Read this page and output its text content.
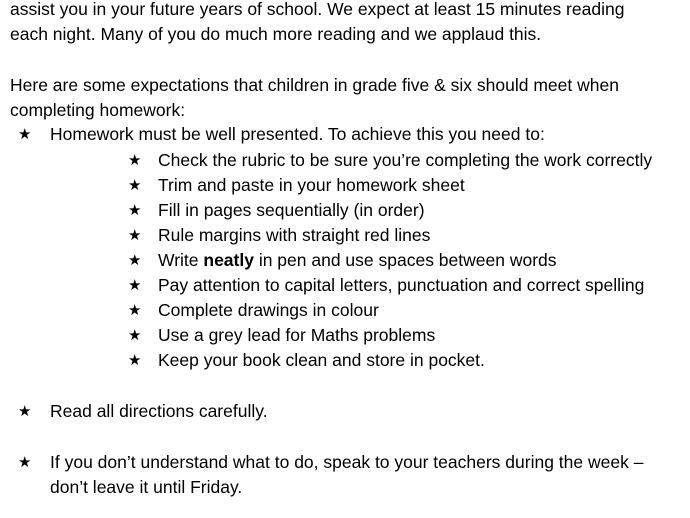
assist you in your future years of school. We expect at least 15 minutes reading
each night. Many of you do much more reading and we applaud this.
Here are some expectations that children in grade five & six should meet when
completing homework:
★ Homework must be well presented. To achieve this you need to:
★ Check the rubric to be sure you’re completing the work correctly
★ Trim and paste in your homework sheet
★ Fill in pages sequentially (in order)
★ Rule margins with straight red lines
★ Write neatly in pen and use spaces between words
★ Pay attention to capital letters, punctuation and correct spelling
★ Complete drawings in colour
★ Use a grey lead for Maths problems
★ Keep your book clean and store in pocket.
★ Read all directions carefully.
★ If you don’t understand what to do, speak to your teachers during the week –
don’t leave it until Friday.
